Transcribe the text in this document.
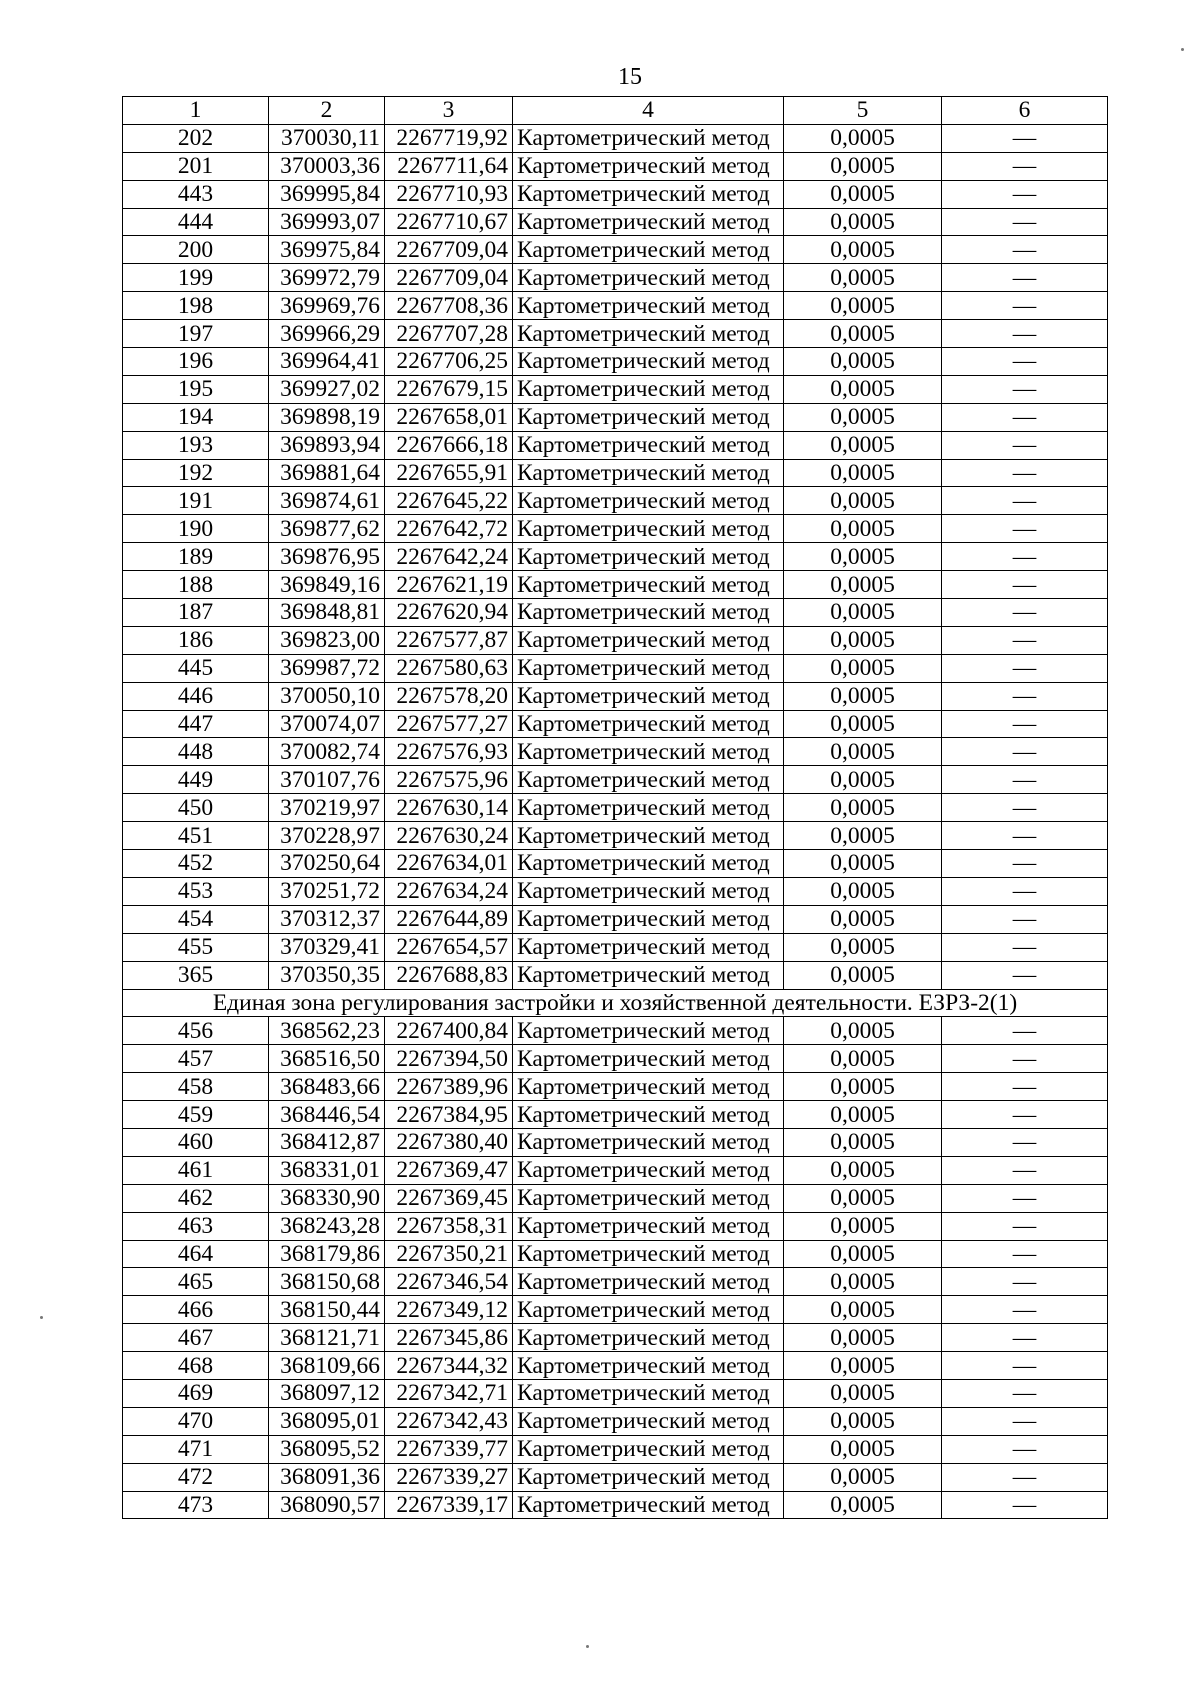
15
1	2	3	4	5	6
202	370030,11	2267719,92	Картометрический метод	0,0005	—
201	370003,36	2267711,64	Картометрический метод	0,0005	—
443	369995,84	2267710,93	Картометрический метод	0,0005	—
444	369993,07	2267710,67	Картометрический метод	0,0005	—
200	369975,84	2267709,04	Картометрический метод	0,0005	—
199	369972,79	2267709,04	Картометрический метод	0,0005	—
198	369969,76	2267708,36	Картометрический метод	0,0005	—
197	369966,29	2267707,28	Картометрический метод	0,0005	—
196	369964,41	2267706,25	Картометрический метод	0,0005	—
195	369927,02	2267679,15	Картометрический метод	0,0005	—
194	369898,19	2267658,01	Картометрический метод	0,0005	—
193	369893,94	2267666,18	Картометрический метод	0,0005	—
192	369881,64	2267655,91	Картометрический метод	0,0005	—
191	369874,61	2267645,22	Картометрический метод	0,0005	—
190	369877,62	2267642,72	Картометрический метод	0,0005	—
189	369876,95	2267642,24	Картометрический метод	0,0005	—
188	369849,16	2267621,19	Картометрический метод	0,0005	—
187	369848,81	2267620,94	Картометрический метод	0,0005	—
186	369823,00	2267577,87	Картометрический метод	0,0005	—
445	369987,72	2267580,63	Картометрический метод	0,0005	—
446	370050,10	2267578,20	Картометрический метод	0,0005	—
447	370074,07	2267577,27	Картометрический метод	0,0005	—
448	370082,74	2267576,93	Картометрический метод	0,0005	—
449	370107,76	2267575,96	Картометрический метод	0,0005	—
450	370219,97	2267630,14	Картометрический метод	0,0005	—
451	370228,97	2267630,24	Картометрический метод	0,0005	—
452	370250,64	2267634,01	Картометрический метод	0,0005	—
453	370251,72	2267634,24	Картометрический метод	0,0005	—
454	370312,37	2267644,89	Картометрический метод	0,0005	—
455	370329,41	2267654,57	Картометрический метод	0,0005	—
365	370350,35	2267688,83	Картометрический метод	0,0005	—
Единая зона регулирования застройки и хозяйственной деятельности. ЕЗРЗ-2(1)					
456	368562,23	2267400,84	Картометрический метод	0,0005	—
457	368516,50	2267394,50	Картометрический метод	0,0005	—
458	368483,66	2267389,96	Картометрический метод	0,0005	—
459	368446,54	2267384,95	Картометрический метод	0,0005	—
460	368412,87	2267380,40	Картометрический метод	0,0005	—
461	368331,01	2267369,47	Картометрический метод	0,0005	—
462	368330,90	2267369,45	Картометрический метод	0,0005	—
463	368243,28	2267358,31	Картометрический метод	0,0005	—
464	368179,86	2267350,21	Картометрический метод	0,0005	—
465	368150,68	2267346,54	Картометрический метод	0,0005	—
466	368150,44	2267349,12	Картометрический метод	0,0005	—
467	368121,71	2267345,86	Картометрический метод	0,0005	—
468	368109,66	2267344,32	Картометрический метод	0,0005	—
469	368097,12	2267342,71	Картометрический метод	0,0005	—
470	368095,01	2267342,43	Картометрический метод	0,0005	—
471	368095,52	2267339,77	Картометрический метод	0,0005	—
472	368091,36	2267339,27	Картометрический метод	0,0005	—
473	368090,57	2267339,17	Картометрический метод	0,0005	—
